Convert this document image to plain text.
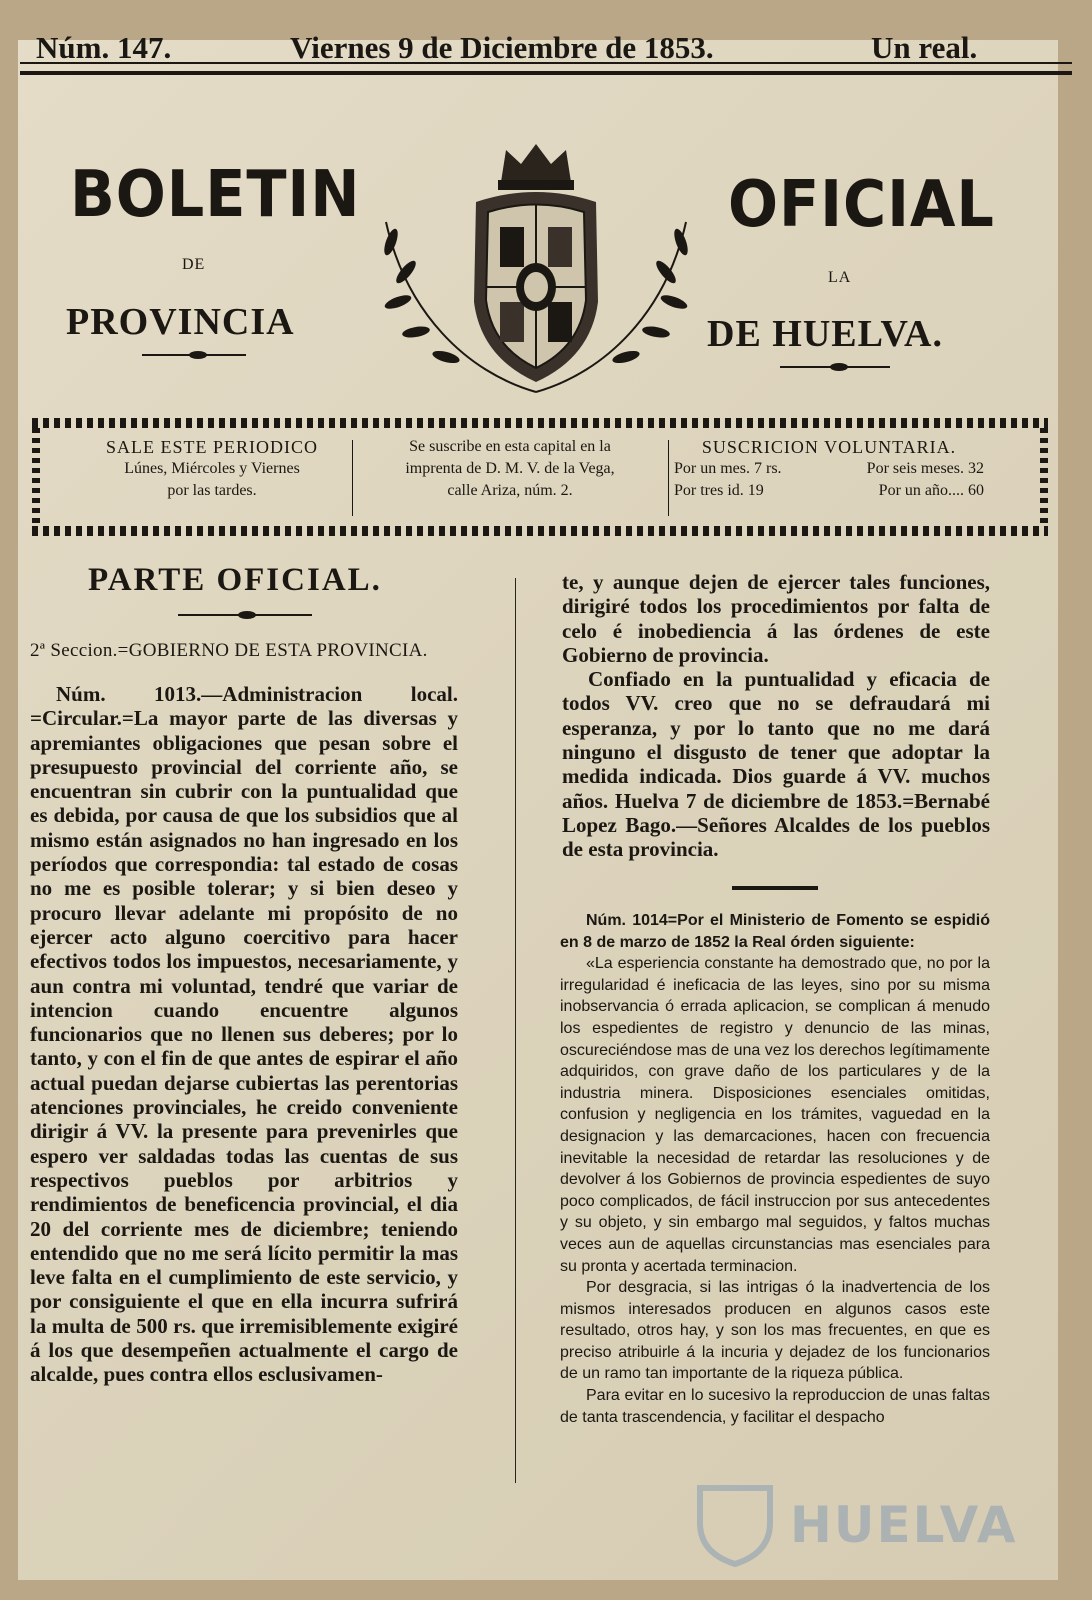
Núm. 147.	Viernes 9 de Diciembre de 1853.	Un real.
BOLETIN
DE
PROVINCIA
OFICIAL
LA
DE HUELVA.
SALE ESTE PERIODICO
Lúnes, Miércoles y Viernes
por las tardes.
Se suscribe en esta capital en la
imprenta de D. M. V. de la Vega,
calle Ariza, núm. 2.
SUSCRICION VOLUNTARIA.
Por un mes. 7 rs.	Por seis meses. 32
Por tres id. 19	Por un año.... 60
PARTE OFICIAL.
2ª Seccion.=GOBIERNO DE ESTA PROVINCIA.
Núm. 1013.—Administracion local. =Circular.=La mayor parte de las diversas y apremiantes obligaciones que pesan sobre el presupuesto provincial del corriente año, se encuentran sin cubrir con la puntualidad que es debida, por causa de que los subsidios que al mismo están asignados no han ingresado en los períodos que correspondia: tal estado de cosas no me es posible tolerar; y si bien deseo y procuro llevar adelante mi propósito de no ejercer acto alguno coercitivo para hacer efectivos todos los impuestos, necesariamente, y aun contra mi voluntad, tendré que variar de intencion cuando encuentre algunos funcionarios que no llenen sus deberes; por lo tanto, y con el fin de que antes de espirar el año actual puedan dejarse cubiertas las perentorias atenciones provinciales, he creido conveniente dirigir á VV. la presente para prevenirles que espero ver saldadas todas las cuentas de sus respectivos pueblos por arbitrios y rendimientos de beneficencia provincial, el dia 20 del corriente mes de diciembre; teniendo entendido que no me será lícito permitir la mas leve falta en el cumplimiento de este servicio, y por consiguiente el que en ella incurra sufrirá la multa de 500 rs. que irremisiblemente exigiré á los que desempeñen actualmente el cargo de alcalde, pues contra ellos esclusivamen-

te, y aunque dejen de ejercer tales funciones, dirigiré todos los procedimientos por falta de celo é inobediencia á las órdenes de este Gobierno de provincia.

Confiado en la puntualidad y eficacia de todos VV. creo que no se defraudará mi esperanza, y por lo tanto que no me dará ninguno el disgusto de tener que adoptar la medida indicada. Dios guarde á VV. muchos años. Huelva 7 de diciembre de 1853.=Bernabé Lopez Bago.—Señores Alcaldes de los pueblos de esta provincia.

Núm. 1014=Por el Ministerio de Fomento se espidió en 8 de marzo de 1852 la Real órden siguiente:

«La esperiencia constante ha demostrado que, no por la irregularidad é ineficacia de las leyes, sino por su misma inobservancia ó errada aplicacion, se complican á menudo los espedientes de registro y denuncio de las minas, oscureciéndose mas de una vez los derechos legítimamente adquiridos, con grave daño de los particulares y de la industria minera. Disposiciones esenciales omitidas, confusion y negligencia en los trámites, vaguedad en la designacion y las demarcaciones, hacen con frecuencia inevitable la necesidad de retardar las resoluciones y de devolver á los Gobiernos de provincia espedientes de suyo poco complicados, de fácil instruccion por sus antecedentes y su objeto, y sin embargo mal seguidos, y faltos muchas veces aun de aquellas circunstancias mas esenciales para su pronta y acertada terminacion.

Por desgracia, si las intrigas ó la inadvertencia de los mismos interesados producen en algunos casos este resultado, otros hay, y son los mas frecuentes, en que es preciso atribuirle á la incuria y dejadez de los funcionarios de un ramo tan importante de la riqueza pública.

Para evitar en lo sucesivo la reproduccion de unas faltas de tanta trascendencia, y facilitar el despacho

HUELVA
